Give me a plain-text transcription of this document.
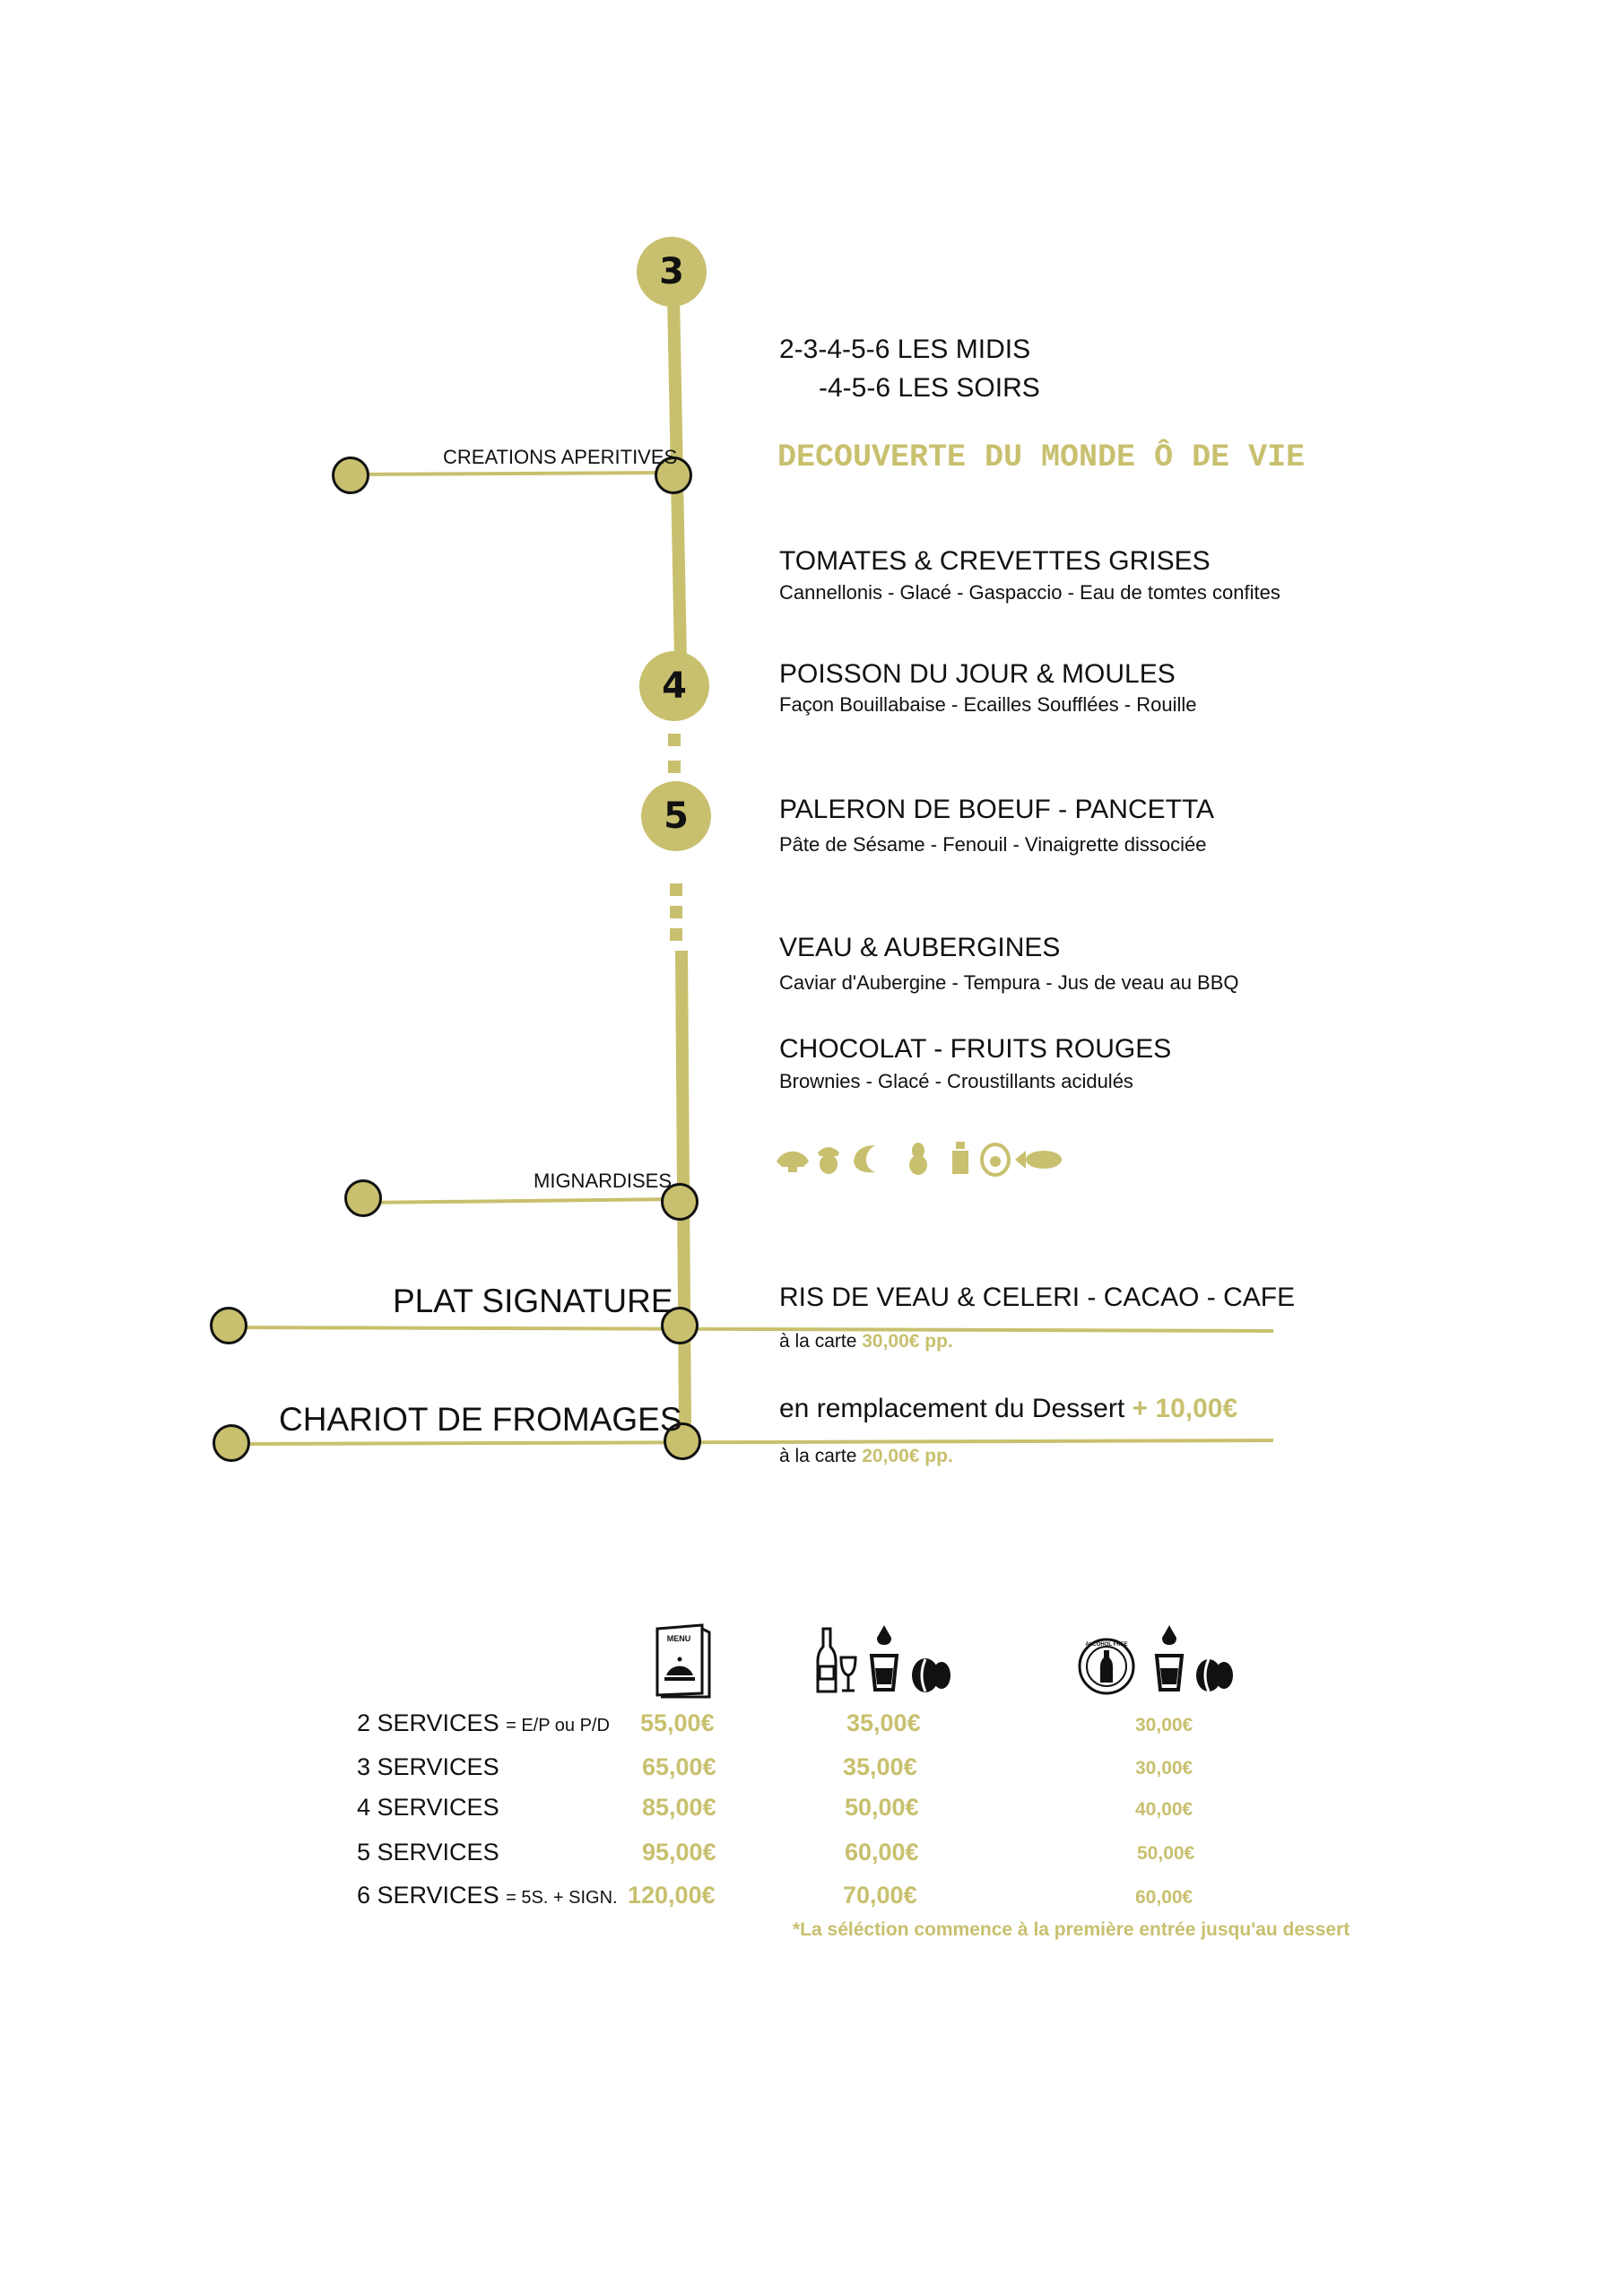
3
4
5
CREATIONS APERITIVES
MIGNARDISES
PLAT SIGNATURE
CHARIOT DE FROMAGES
2-3-4-5-6 LES MIDIS
-4-5-6 LES SOIRS
DECOUVERTE DU MONDE Ô DE VIE
TOMATES & CREVETTES GRISES
Cannellonis - Glacé - Gaspaccio - Eau de tomtes confites
POISSON DU JOUR & MOULES
Façon Bouillabaise - Ecailles Soufflées - Rouille
PALERON DE BOEUF - PANCETTA
Pâte de Sésame - Fenouil - Vinaigrette dissociée
VEAU & AUBERGINES
Caviar d'Aubergine - Tempura - Jus de veau au BBQ
CHOCOLAT - FRUITS ROUGES
Brownies - Glacé - Croustillants acidulés
RIS DE VEAU & CELERI - CACAO - CAFE
à la carte 30,00€ pp.
en remplacement du Dessert + 10,00€
à la carte 20,00€ pp.
MENU
ALCOHOL FREE
2 SERVICES = E/P ou P/D 55,00€	35,00€	30,00€
3 SERVICES	65,00€	35,00€	30,00€
4 SERVICES	85,00€	50,00€	40,00€
5 SERVICES	95,00€	60,00€	50,00€
6 SERVICES = 5S. + SIGN. 120,00€	70,00€	60,00€
*La séléction commence à la première entrée jusqu'au dessert
